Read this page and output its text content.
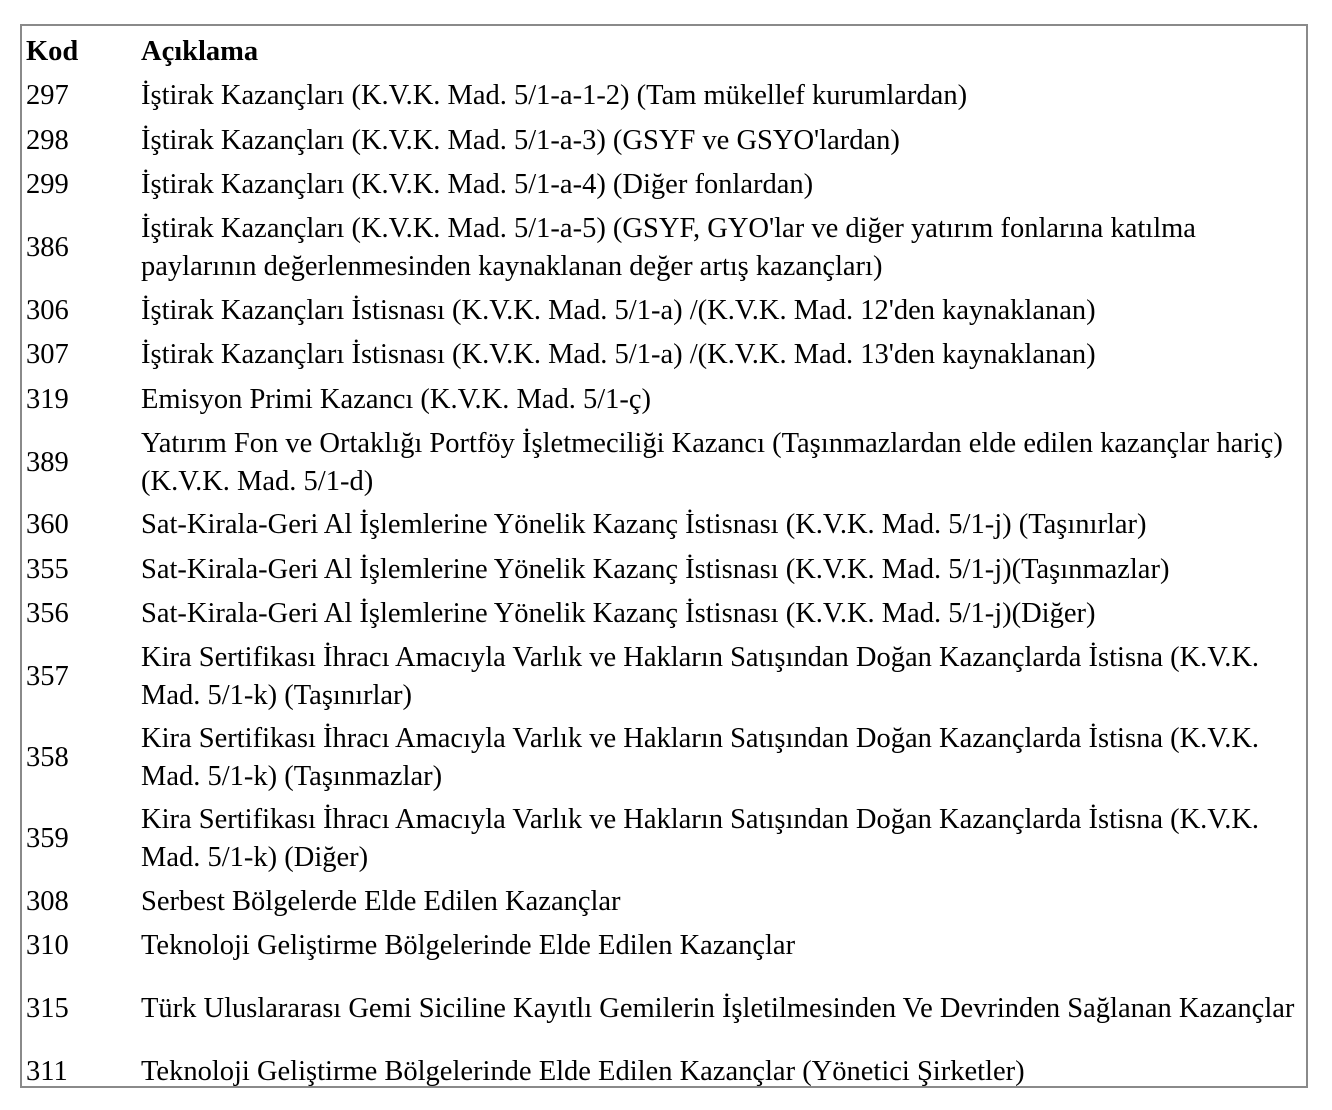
Kod	Açıklama
297	İştirak Kazançları (K.V.K. Mad. 5/1-a-1-2) (Tam mükellef kurumlardan)
298	İştirak Kazançları (K.V.K. Mad. 5/1-a-3) (GSYF ve GSYO'lardan)
299	İştirak Kazançları (K.V.K. Mad. 5/1-a-4) (Diğer fonlardan)
386	İştirak Kazançları (K.V.K. Mad. 5/1-a-5) (GSYF, GYO'lar ve diğer yatırım fonlarına katılma paylarının değerlenmesinden kaynaklanan değer artış kazançları)
306	İştirak Kazançları İstisnası (K.V.K. Mad. 5/1-a) /(K.V.K. Mad. 12'den kaynaklanan)
307	İştirak Kazançları İstisnası (K.V.K. Mad. 5/1-a) /(K.V.K. Mad. 13'den kaynaklanan)
319	Emisyon Primi Kazancı (K.V.K. Mad. 5/1-ç)
389	Yatırım Fon ve Ortaklığı Portföy İşletmeciliği Kazancı (Taşınmazlardan elde edilen kazançlar hariç) (K.V.K. Mad. 5/1-d)
360	Sat-Kirala-Geri Al İşlemlerine Yönelik Kazanç İstisnası (K.V.K. Mad. 5/1-j) (Taşınırlar)
355	Sat-Kirala-Geri Al İşlemlerine Yönelik Kazanç İstisnası (K.V.K. Mad. 5/1-j)(Taşınmazlar)
356	Sat-Kirala-Geri Al İşlemlerine Yönelik Kazanç İstisnası (K.V.K. Mad. 5/1-j)(Diğer)
357	Kira Sertifikası İhracı Amacıyla Varlık ve Hakların Satışından Doğan Kazançlarda İstisna (K.V.K. Mad. 5/1-k) (Taşınırlar)
358	Kira Sertifikası İhracı Amacıyla Varlık ve Hakların Satışından Doğan Kazançlarda İstisna (K.V.K. Mad. 5/1-k) (Taşınmazlar)
359	Kira Sertifikası İhracı Amacıyla Varlık ve Hakların Satışından Doğan Kazançlarda İstisna (K.V.K. Mad. 5/1-k) (Diğer)
308	Serbest Bölgelerde Elde Edilen Kazançlar
310	Teknoloji Geliştirme Bölgelerinde Elde Edilen Kazançlar
315	Türk Uluslararası Gemi Siciline Kayıtlı Gemilerin İşletilmesinden Ve Devrinden Sağlanan Kazançlar
311	Teknoloji Geliştirme Bölgelerinde Elde Edilen Kazançlar (Yönetici Şirketler)
